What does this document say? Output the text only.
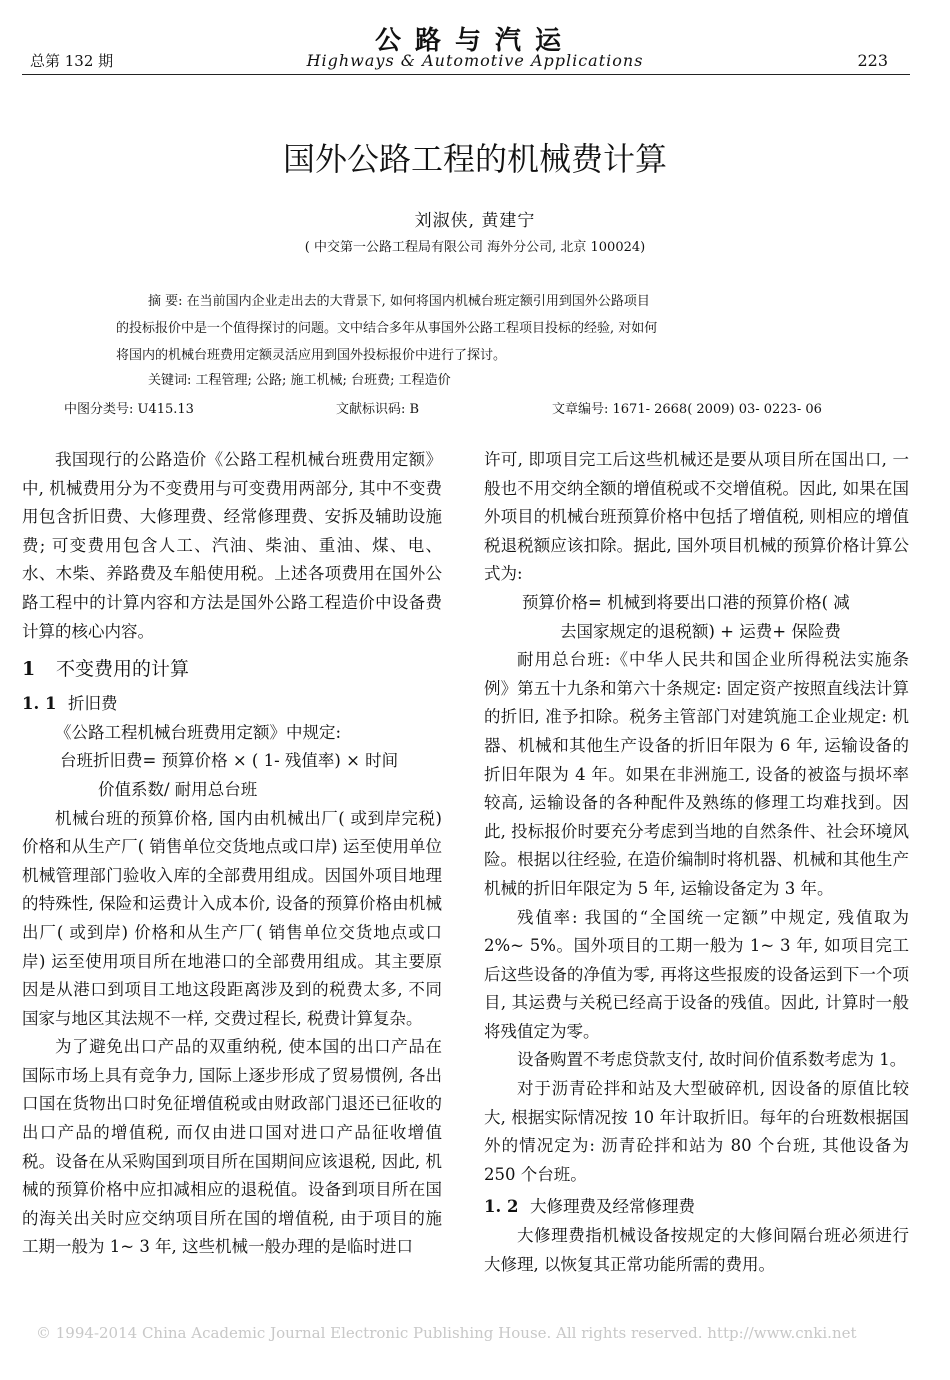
总第 132 期
公路与汽运
Highways & Automotive Applications	223
国外公路工程的机械费计算
刘淑侠, 黄建宁
( 中交第一公路工程局有限公司 海外分公司, 北京 100024)
摘 要: 在当前国内企业走出去的大背景下, 如何将国内机械台班定额引用到国外公路项目
的投标报价中是一个值得探讨的问题。文中结合多年从事国外公路工程项目投标的经验, 对如何
将国内的机械台班费用定额灵活应用到国外投标报价中进行了探讨。
关键词: 工程管理; 公路; 施工机械; 台班费; 工程造价
中图分类号: U415.13	文献标识码: B	文章编号: 1671- 2668( 2009) 03- 0223- 06

我国现行的公路造价《公路工程机械台班费用定额》中, 机械费用分为不变费用与可变费用两部分, 其中不变费用包含折旧费、大修理费、经常修理费、安拆及辅助设施费; 可变费用包含人工、汽油、柴油、重油、煤、电、水、木柴、养路费及车船使用税。上述各项费用在国外公路工程中的计算内容和方法是国外公路工程造价中设备费计算的核心内容。

1 不变费用的计算
1. 1 折旧费

《公路工程机械台班费用定额》中规定:

台班折旧费= 预算价格 × ( 1- 残值率) × 时间

价值系数/ 耐用总台班

机械台班的预算价格, 国内由机械出厂( 或到岸完税) 价格和从生产厂( 销售单位交货地点或口岸) 运至使用单位机械管理部门验收入库的全部费用组成。因国外项目地理的特殊性, 保险和运费计入成本价, 设备的预算价格由机械出厂( 或到岸) 价格和从生产厂( 销售单位交货地点或口岸) 运至使用项目所在地港口的全部费用组成。其主要原因是从港口到项目工地这段距离涉及到的税费太多, 不同国家与地区其法规不一样, 交费过程长, 税费计算复杂。

为了避免出口产品的双重纳税, 使本国的出口产品在国际市场上具有竞争力, 国际上逐步形成了贸易惯例, 各出口国在货物出口时免征增值税或由财政部门退还已征收的出口产品的增值税, 而仅由进口国对进口产品征收增值税。设备在从采购国到项目所在国期间应该退税, 因此, 机械的预算价格中应扣减相应的退税值。设备到项目所在国的海关出关时应交纳项目所在国的增值税, 由于项目的施工期一般为 1~ 3 年, 这些机械一般办理的是临时进口

许可, 即项目完工后这些机械还是要从项目所在国出口, 一般也不用交纳全额的增值税或不交增值税。因此, 如果在国外项目的机械台班预算价格中包括了增值税, 则相应的增值税退税额应该扣除。据此, 国外项目机械的预算价格计算公式为:

预算价格= 机械到将要出口港的预算价格( 减

去国家规定的退税额) + 运费+ 保险费

耐用总台班:《中华人民共和国企业所得税法实施条例》第五十九条和第六十条规定: 固定资产按照直线法计算的折旧, 准予扣除。税务主管部门对建筑施工企业规定: 机器、机械和其他生产设备的折旧年限为 6 年, 运输设备的折旧年限为 4 年。如果在非洲施工, 设备的被盗与损坏率较高, 运输设备的各种配件及熟练的修理工均难找到。因此, 投标报价时要充分考虑到当地的自然条件、社会环境风险。根据以往经验, 在造价编制时将机器、机械和其他生产机械的折旧年限定为 5 年, 运输设备定为 3 年。

残值率: 我国的“全国统一定额”中规定, 残值取为 2%~ 5%。国外项目的工期一般为 1~ 3 年, 如项目完工后这些设备的净值为零, 再将这些报废的设备运到下一个项目, 其运费与关税已经高于设备的残值。因此, 计算时一般将残值定为零。

设备购置不考虑贷款支付, 故时间价值系数考虑为 1。

对于沥青砼拌和站及大型破碎机, 因设备的原值比较大, 根据实际情况按 10 年计取折旧。每年的台班数根据国外的情况定为: 沥青砼拌和站为 80 个台班, 其他设备为 250 个台班。

1. 2 大修理费及经常修理费

大修理费指机械设备按规定的大修间隔台班必须进行大修理, 以恢复其正常功能所需的费用。

© 1994-2014 China Academic Journal Electronic Publishing House. All rights reserved. http://www.cnki.net
